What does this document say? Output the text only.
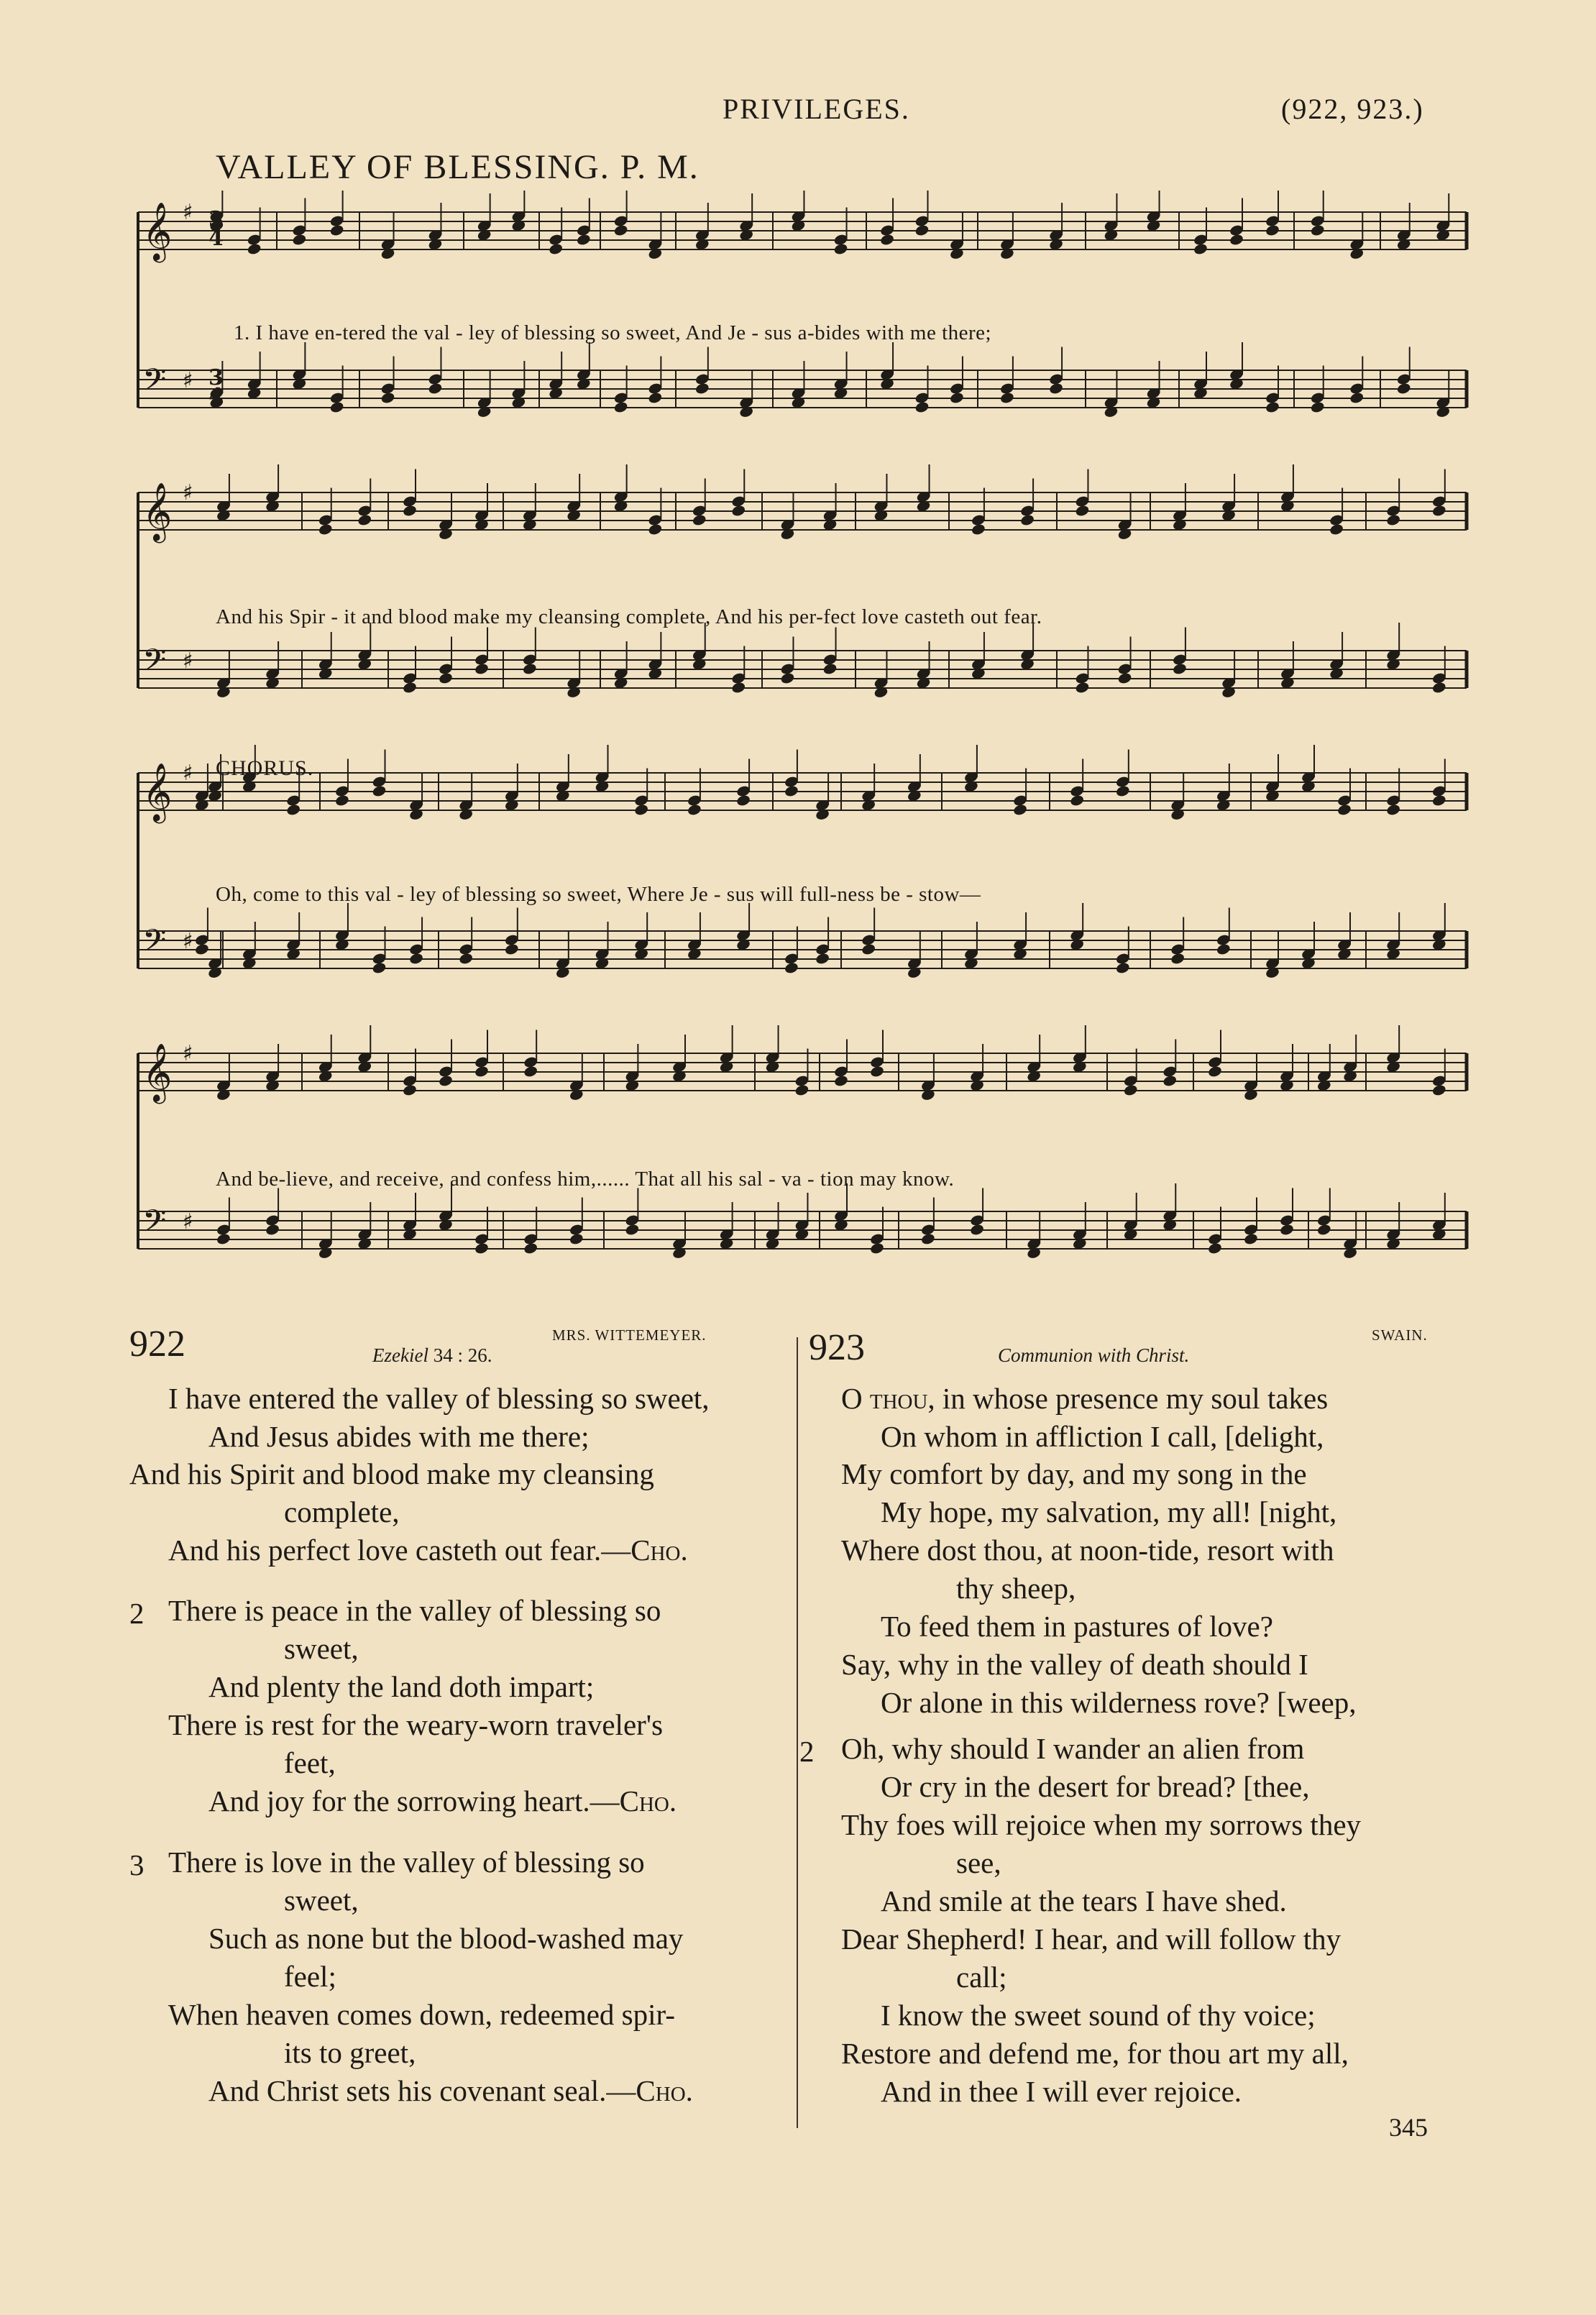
PRIVILEGES.	(922, 923.)
VALLEY OF BLESSING. P. M.
𝄞 ♯
𝄢 ♯
𝄞 ♯
𝄢 ♯
𝄞 ♯
𝄢 ♯
𝄞 ♯
𝄢 ♯
3
4
3
4
1. I have en-tered the val - ley of blessing so sweet, And Je - sus a-bides with me there;
And his Spir - it and blood make my cleansing complete, And his per-fect love casteth out fear.
CHORUS.
Oh, come to this val - ley of blessing so sweet, Where Je - sus will full-ness be - stow—
And be-lieve, and receive, and confess him,...... That all his sal - va - tion may know.
922	MRS. WITTEMEYER.
Ezekiel 34 : 26.
I have entered the valley of blessing so sweet,
And Jesus abides with me there;
And his Spirit and blood make my cleansing
complete,
And his perfect love casteth out fear.—Cho.
2 There is peace in the valley of blessing so
sweet,
And plenty the land doth impart;
There is rest for the weary-worn traveler's
feet,
And joy for the sorrowing heart.—Cho.
3 There is love in the valley of blessing so
sweet,
Such as none but the blood-washed may
feel;
When heaven comes down, redeemed spir-
its to greet,
And Christ sets his covenant seal.—Cho.
923	SWAIN.
Communion with Christ.
O thou, in whose presence my soul takes
On whom in affliction I call, [delight,
My comfort by day, and my song in the
My hope, my salvation, my all! [night,
Where dost thou, at noon-tide, resort with
thy sheep,
To feed them in pastures of love?
Say, why in the valley of death should I
Or alone in this wilderness rove? [weep,
2 Oh, why should I wander an alien from
Or cry in the desert for bread? [thee,
Thy foes will rejoice when my sorrows they
see,
And smile at the tears I have shed.
Dear Shepherd! I hear, and will follow thy
call;
I know the sweet sound of thy voice;
Restore and defend me, for thou art my all,
And in thee I will ever rejoice.
345
